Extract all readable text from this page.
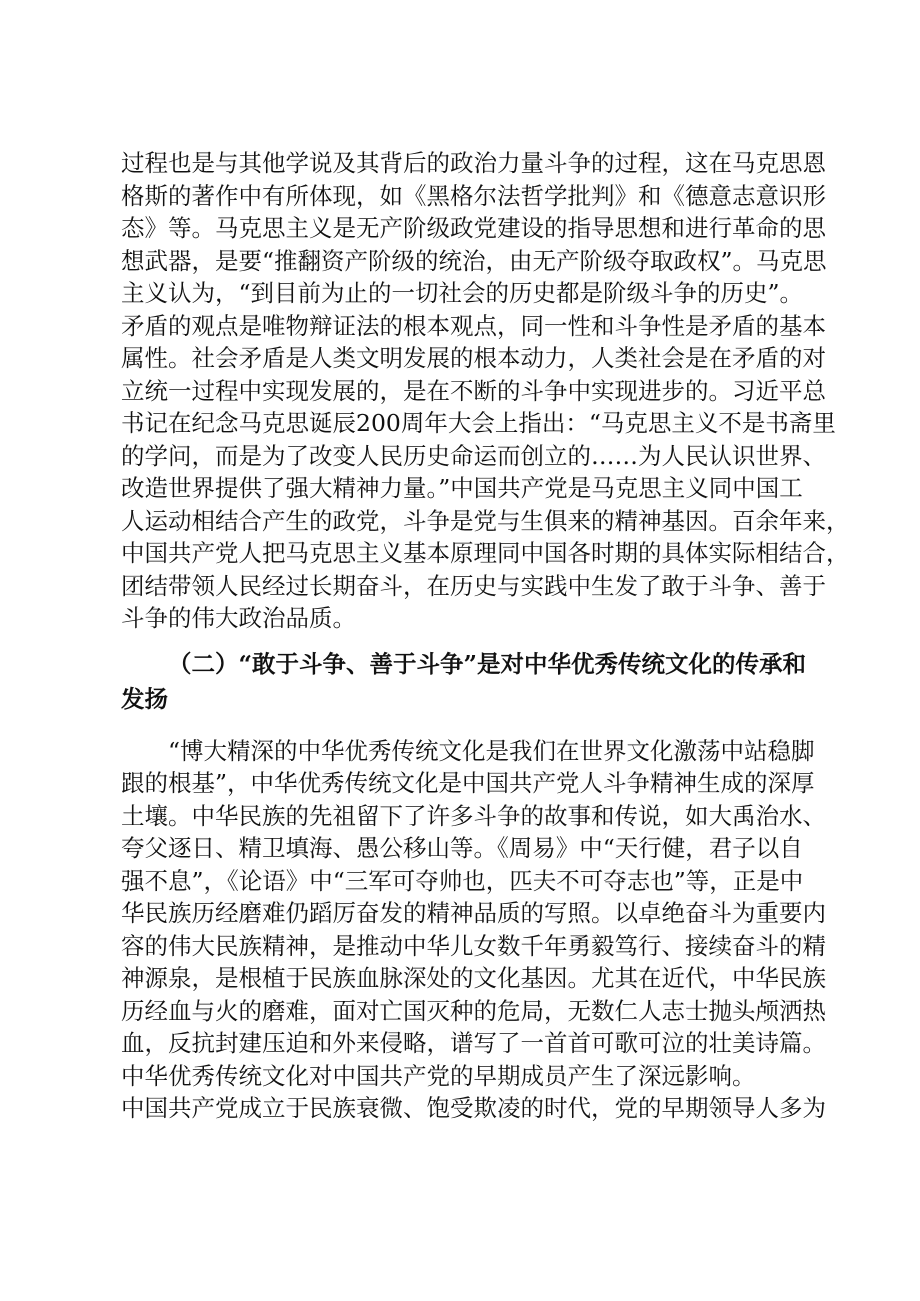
过程也是与其他学说及其背后的政治力量斗争的过程，这在马克思恩
格斯的著作中有所体现，如《黑格尔法哲学批判》和《德意志意识形
态》等。马克思主义是无产阶级政党建设的指导思想和进行革命的思
想武器，是要“推翻资产阶级的统治，由无产阶级夺取政权”。马克思
主义认为，“到目前为止的一切社会的历史都是阶级斗争的历史”。
矛盾的观点是唯物辩证法的根本观点，同一性和斗争性是矛盾的基本
属性。社会矛盾是人类文明发展的根本动力，人类社会是在矛盾的对
立统一过程中实现发展的，是在不断的斗争中实现进步的。习近平总
书记在纪念马克思诞辰200周年大会上指出：“马克思主义不是书斋里
的学问，而是为了改变人民历史命运而创立的……为人民认识世界、
改造世界提供了强大精神力量。”中国共产党是马克思主义同中国工
人运动相结合产生的政党，斗争是党与生俱来的精神基因。百余年来，
中国共产党人把马克思主义基本原理同中国各时期的具体实际相结合，
团结带领人民经过长期奋斗，在历史与实践中生发了敢于斗争、善于
斗争的伟大政治品质。
（二）“敢于斗争、善于斗争”是对中华优秀传统文化的传承和
发扬
“博大精深的中华优秀传统文化是我们在世界文化激荡中站稳脚
跟的根基”，中华优秀传统文化是中国共产党人斗争精神生成的深厚
土壤。中华民族的先祖留下了许多斗争的故事和传说，如大禹治水、
夸父逐日、精卫填海、愚公移山等。《周易》中“天行健，君子以自
强不息”，《论语》中“三军可夺帅也，匹夫不可夺志也”等，正是中
华民族历经磨难仍蹈厉奋发的精神品质的写照。以卓绝奋斗为重要内
容的伟大民族精神，是推动中华儿女数千年勇毅笃行、接续奋斗的精
神源泉，是根植于民族血脉深处的文化基因。尤其在近代，中华民族
历经血与火的磨难，面对亡国灭种的危局，无数仁人志士抛头颅洒热
血，反抗封建压迫和外来侵略，谱写了一首首可歌可泣的壮美诗篇。
中华优秀传统文化对中国共产党的早期成员产生了深远影响。
中国共产党成立于民族衰微、饱受欺凌的时代，党的早期领导人多为
